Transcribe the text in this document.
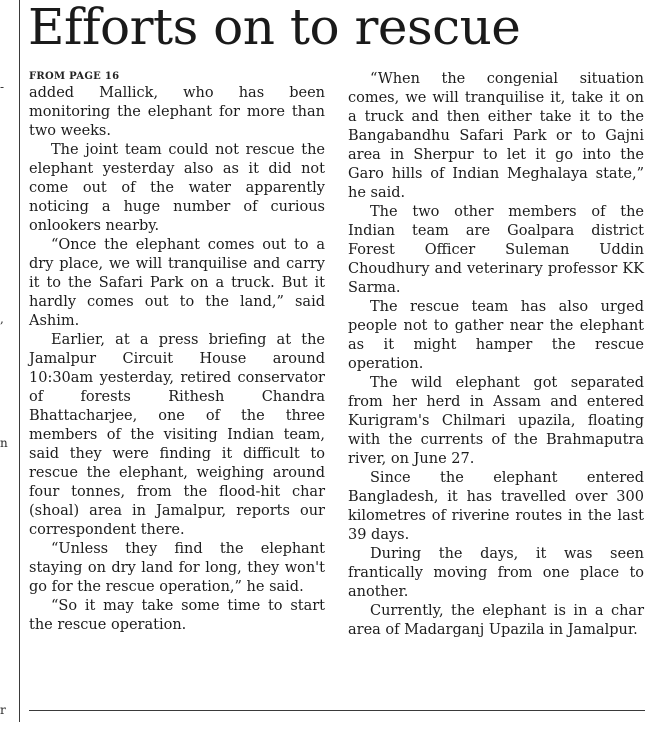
-
,
n
r
Efforts on to rescue
FROM PAGE 16

added Mallick, who has been monitoring the elephant for more than two weeks.

The joint team could not rescue the elephant yesterday also as it did not come out of the water apparently noticing a huge number of curious onlookers nearby.

“Once the elephant comes out to a dry place, we will tranquilise and carry it to the Safari Park on a truck. But it hardly comes out to the land,” said Ashim.

Earlier, at a press briefing at the Jamalpur Circuit House around 10:30am yesterday, retired conservator of forests Rithesh Chandra Bhattacharjee, one of the three members of the visiting Indian team, said they were finding it difficult to rescue the elephant, weighing around four tonnes, from the flood-hit char (shoal) area in Jamalpur, reports our correspondent there.

“Unless they find the elephant staying on dry land for long, they won't go for the rescue operation,” he said.

“So it may take some time to start the rescue operation.

“When the congenial situation comes, we will tranquilise it, take it on a truck and then either take it to the Bangabandhu Safari Park or to Gajni area in Sherpur to let it go into the Garo hills of Indian Meghalaya state,” he said.

The two other members of the Indian team are Goalpara district Forest Officer Suleman Uddin Choudhury and veterinary professor KK Sarma.

The rescue team has also urged people not to gather near the elephant as it might hamper the rescue operation.

The wild elephant got separated from her herd in Assam and entered Kurigram's Chilmari upazila, floating with the currents of the Brahmaputra river, on June 27.

Since the elephant entered Bangladesh, it has travelled over 300 kilometres of riverine routes in the last 39 days.

During the days, it was seen frantically moving from one place to another.

Currently, the elephant is in a char area of Madarganj Upazila in Jamalpur.
